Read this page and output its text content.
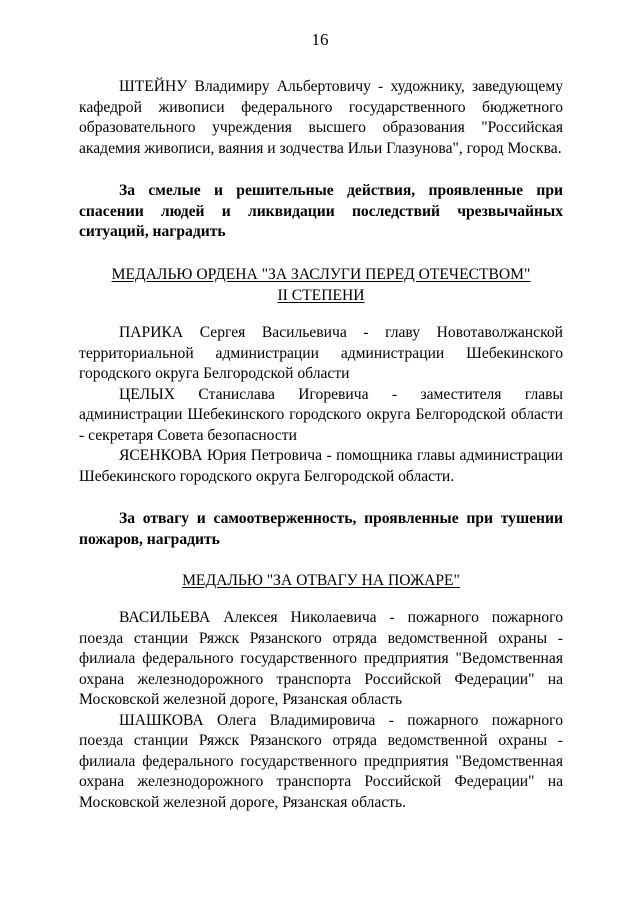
16

ШТЕЙНУ Владимиру Альбертовичу - художнику, заведующему кафедрой живописи федерального государственного бюджетного образовательного учреждения высшего образования "Российская академия живописи, ваяния и зодчества Ильи Глазунова", город Москва.

За смелые и решительные действия, проявленные при спасении людей и ликвидации последствий чрезвычайных ситуаций, наградить

МЕДАЛЬЮ ОРДЕНА "ЗА ЗАСЛУГИ ПЕРЕД ОТЕЧЕСТВОМ"
II СТЕПЕНИ

ПАРИКА Сергея Васильевича - главу Новотаволжанской территориальной администрации администрации Шебекинского городского округа Белгородской области

ЦЕЛЫХ Станислава Игоревича - заместителя главы администрации Шебекинского городского округа Белгородской области - секретаря Совета безопасности

ЯСЕНКОВА Юрия Петровича - помощника главы администрации Шебекинского городского округа Белгородской области.

За отвагу и самоотверженность, проявленные при тушении пожаров, наградить

МЕДАЛЬЮ "ЗА ОТВАГУ НА ПОЖАРЕ"

ВАСИЛЬЕВА Алексея Николаевича - пожарного пожарного поезда станции Ряжск Рязанского отряда ведомственной охраны - филиала федерального государственного предприятия "Ведомственная охрана железнодорожного транспорта Российской Федерации" на Московской железной дороге, Рязанская область

ШАШКОВА Олега Владимировича - пожарного пожарного поезда станции Ряжск Рязанского отряда ведомственной охраны - филиала федерального государственного предприятия "Ведомственная охрана железнодорожного транспорта Российской Федерации" на Московской железной дороге, Рязанская область.
